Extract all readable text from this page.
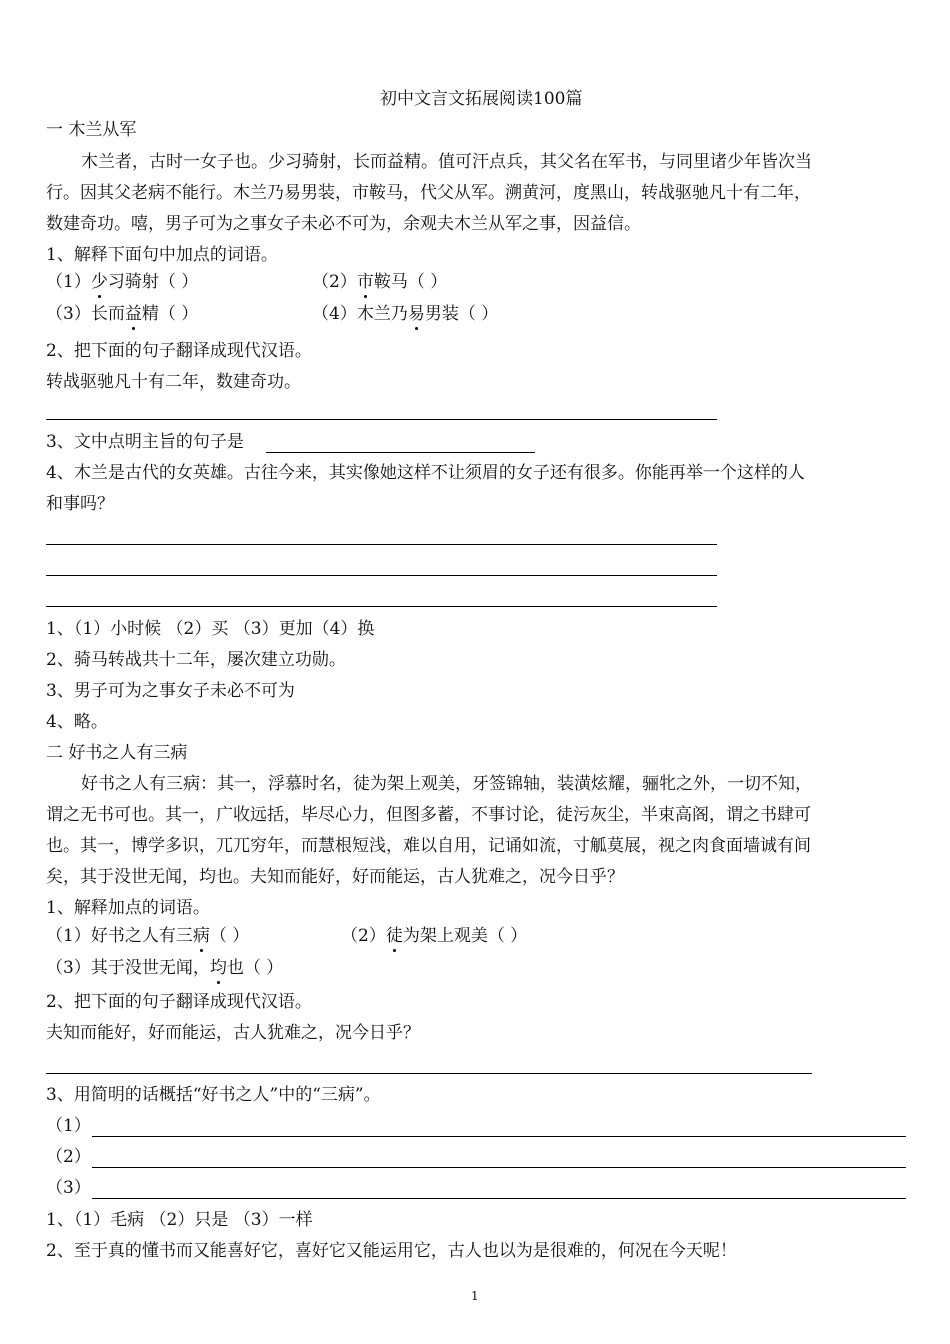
初中文言文拓展阅读100篇
一 木兰从军
木兰者，古时一女子也。少习骑射，长而益精。值可汗点兵，其父名在军书，与同里诸少年皆次当
行。因其父老病不能行。木兰乃易男装，市鞍马，代父从军。溯黄河，度黑山，转战驱驰凡十有二年，
数建奇功。嘻，男子可为之事女子未必不可为，余观夫木兰从军之事，因益信。
1、解释下面句中加点的词语。
（1）少习骑射（ ）	（2）市鞍马（ ）
（3）长而益精（ ）	（4）木兰乃易男装（ ）
2、把下面的句子翻译成现代汉语。
转战驱驰凡十有二年，数建奇功。
3、文中点明主旨的句子是
4、木兰是古代的女英雄。古往今来，其实像她这样不让须眉的女子还有很多。你能再举一个这样的人
和事吗？
1、（1）小时候 （2）买 （3）更加（4）换
2、骑马转战共十二年，屡次建立功勋。
3、男子可为之事女子未必不可为
4、略。
二 好书之人有三病
好书之人有三病：其一，浮慕时名，徒为架上观美，牙签锦轴，装潢炫耀，骊牝之外，一切不知，
谓之无书可也。其一，广收远括，毕尽心力，但图多蓄，不事讨论，徒污灰尘，半束高阁，谓之书肆可
也。其一，博学多识，兀兀穷年，而慧根短浅，难以自用，记诵如流，寸觚莫展，视之肉食面墙诚有间
矣，其于没世无闻，均也。夫知而能好，好而能运，古人犹难之，况今日乎？
1、解释加点的词语。
（1）好书之人有三病（ ）	（2）徒为架上观美（ ）
（3）其于没世无闻，均也（ ）
2、把下面的句子翻译成现代汉语。
夫知而能好，好而能运，古人犹难之，况今日乎？
3、用简明的话概括“好书之人”中的“三病”。
（1）
（2）
（3）
1、（1）毛病 （2）只是 （3）一样
2、至于真的懂书而又能喜好它，喜好它又能运用它，古人也以为是很难的，何况在今天呢！
1
